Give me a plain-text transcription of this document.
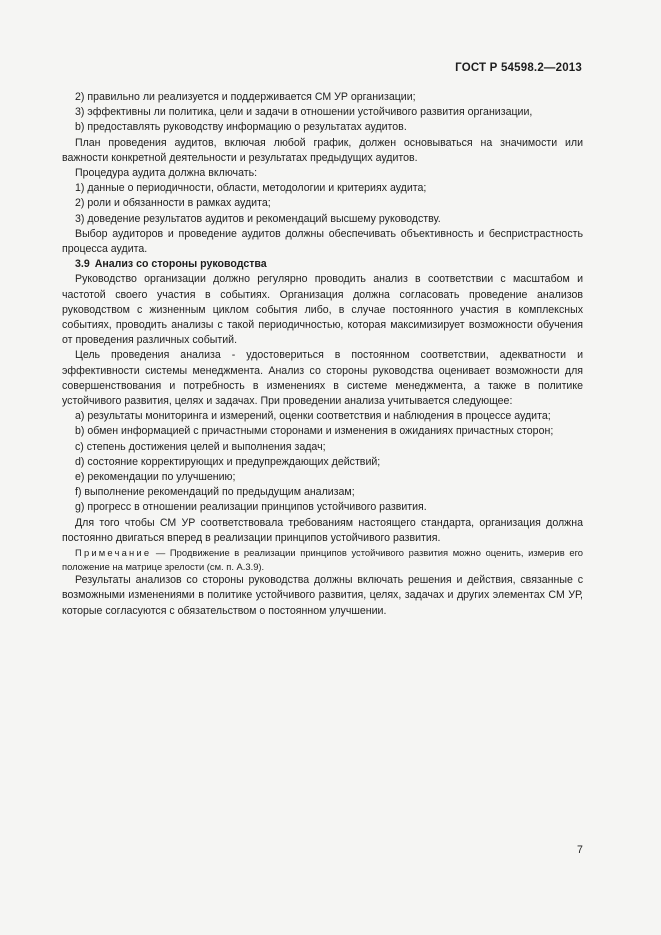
ГОСТ Р 54598.2—2013

2) правильно ли реализуется и поддерживается СМ УР организации;

3) эффективны ли политика, цели и задачи в отношении устойчивого развития организации,

b) предоставлять руководству информацию о результатах аудитов.

План проведения аудитов, включая любой график, должен основываться на значимости или важности конкретной деятельности и результатах предыдущих аудитов.

Процедура аудита должна включать:

1) данные о периодичности, области, методологии и критериях аудита;

2) роли и обязанности в рамках аудита;

3) доведение результатов аудитов и рекомендаций высшему руководству.

Выбор аудиторов и проведение аудитов должны обеспечивать объективность и беспристрастность процесса аудита.

3.9 Анализ со стороны руководства

Руководство организации должно регулярно проводить анализ в соответствии с масштабом и частотой своего участия в событиях. Организация должна согласовать проведение анализов руководством с жизненным циклом события либо, в случае постоянного участия в комплексных событиях, проводить анализы с такой периодичностью, которая максимизирует возможности обучения от проведения различных событий.

Цель проведения анализа - удостовериться в постоянном соответствии, адекватности и эффективности системы менеджмента. Анализ со стороны руководства оценивает возможности для совершенствования и потребность в изменениях в системе менеджмента, а также в политике устойчивого развития, целях и задачах. При проведении анализа учитывается следующее:

a) результаты мониторинга и измерений, оценки соответствия и наблюдения в процессе аудита;

b) обмен информацией с причастными сторонами и изменения в ожиданиях причастных сторон;

c) степень достижения целей и выполнения задач;

d) состояние корректирующих и предупреждающих действий;

e) рекомендации по улучшению;

f) выполнение рекомендаций по предыдущим анализам;

g) прогресс в отношении реализации принципов устойчивого развития.

Для того чтобы СМ УР соответствовала требованиям настоящего стандарта, организация должна постоянно двигаться вперед в реализации принципов устойчивого развития.

Примечание — Продвижение в реализации принципов устойчивого развития можно оценить, измерив его положение на матрице зрелости (см. п. А.3.9).

Результаты анализов со стороны руководства должны включать решения и действия, связанные с возможными изменениями в политике устойчивого развития, целях, задачах и других элементах СМ УР, которые согласуются с обязательством о постоянном улучшении.

7
